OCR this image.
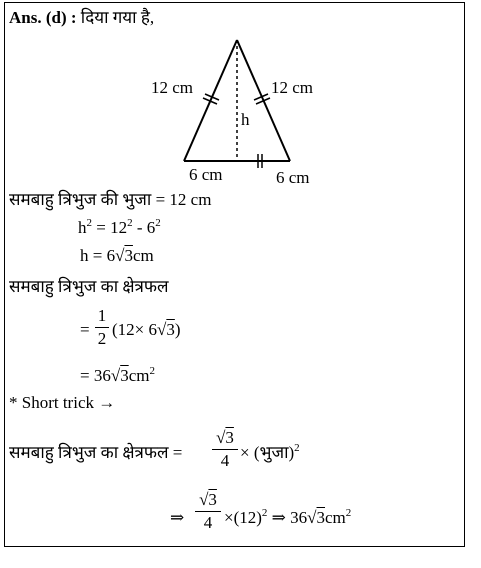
Ans. (d) : दिया गया है,
12 cm	12 cm
h
6 cm	6 cm
समबाहु त्रिभुज की भुजा = 12 cm
$h^2 = 12^2 - 6^2$
h = 6√3cm
समबाहु त्रिभुज का क्षेत्रफल
=
1
2 (12× 6√3)
= $36√3cm^2$
* Short trick →
समबाहु त्रिभुज का क्षेत्रफल =
√3
4 × (भुजा)$^2$
⇒
√3
$4 \times(12)^2$ ⇒ $36√3cm^2$
